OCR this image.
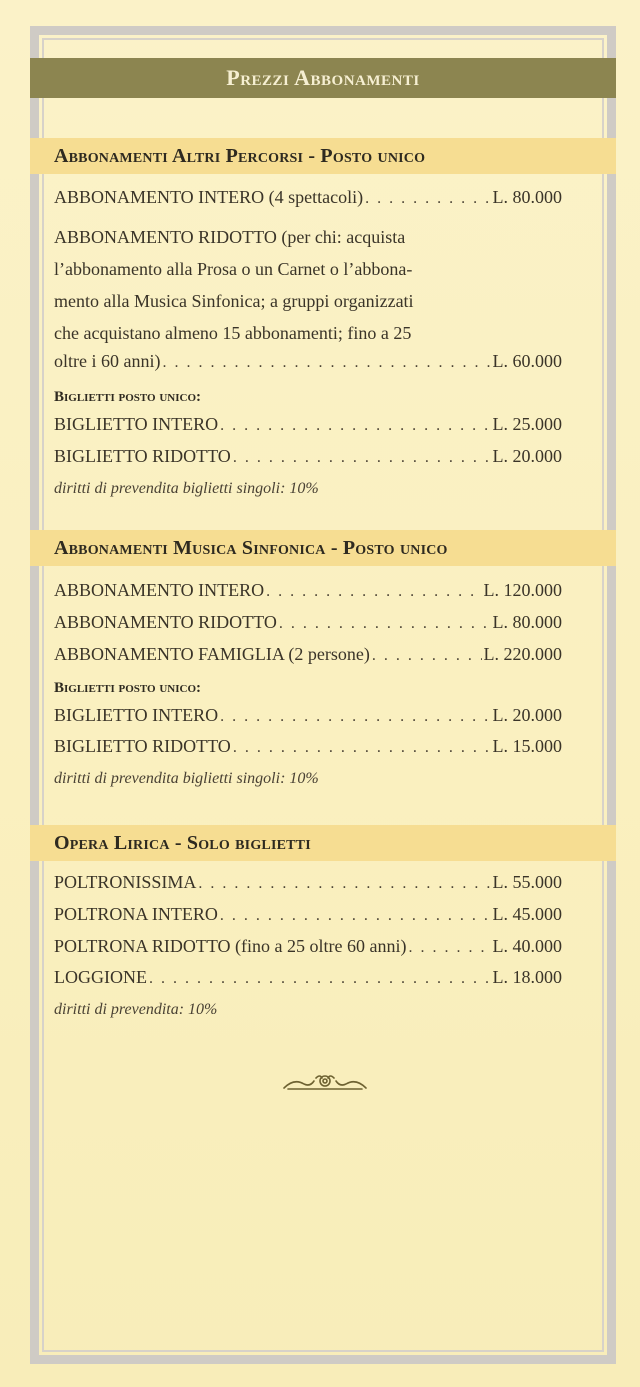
Prezzi Abbonamenti
Abbonamenti Altri Percorsi - Posto unico
ABBONAMENTO INTERO (4 spettacoli) . . .	L. 80.000
ABBONAMENTO RIDOTTO (per chi: acquista
l’abbonamento alla Prosa o un Carnet o l’abbona-
mento alla Musica Sinfonica; a gruppi organizzati
che acquistano almeno 15 abbonamenti; fino a 25
oltre i 60 anni) . . .	L. 60.000
Biglietti posto unico:
BIGLIETTO INTERO . . .	L. 25.000
BIGLIETTO RIDOTTO . . .	L. 20.000
diritti di prevendita biglietti singoli: 10%
Abbonamenti Musica Sinfonica - Posto unico
ABBONAMENTO INTERO . . .	L. 120.000
ABBONAMENTO RIDOTTO . . .	L. 80.000
ABBONAMENTO FAMIGLIA (2 persone) . . .	L. 220.000
Biglietti posto unico:
BIGLIETTO INTERO . . .	L. 20.000
BIGLIETTO RIDOTTO . . .	L. 15.000
diritti di prevendita biglietti singoli: 10%
Opera Lirica - Solo biglietti
POLTRONISSIMA . . .	L. 55.000
POLTRONA INTERO . . .	L. 45.000
POLTRONA RIDOTTO (fino a 25 oltre 60 anni) . . .	L. 40.000
LOGGIONE . . .	L. 18.000
diritti di prevendita: 10%
